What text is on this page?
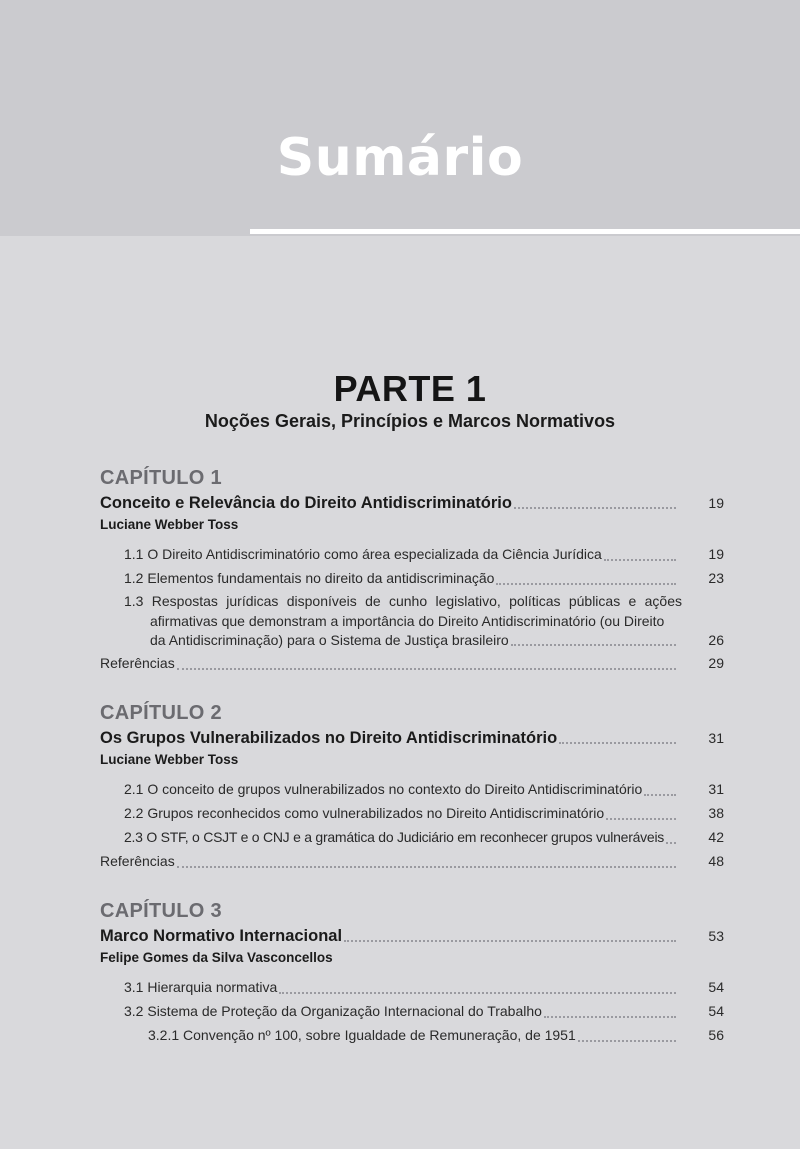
Sumário
PARTE 1
Noções Gerais, Princípios e Marcos Normativos
CAPÍTULO 1
Conceito e Relevância do Direito Antidiscriminatório	19
Luciane Webber Toss
1.1 O Direito Antidiscriminatório como área especializada da Ciência Jurídica	19
1.2 Elementos fundamentais no direito da antidiscriminação	23
1.3 Respostas jurídicas disponíveis de cunho legislativo, políticas públicas e ações afirmativas que demonstram a importância do Direito Antidiscriminatório (ou Direito
da Antidiscriminação) para o Sistema de Justiça brasileiro	26
Referências	29
CAPÍTULO 2
Os Grupos Vulnerabilizados no Direito Antidiscriminatório	31
Luciane Webber Toss
2.1 O conceito de grupos vulnerabilizados no contexto do Direito Antidiscriminatório	31
2.2 Grupos reconhecidos como vulnerabilizados no Direito Antidiscriminatório	38
2.3 O STF, o CSJT e o CNJ e a gramática do Judiciário em reconhecer grupos vulneráveis	42
Referências	48
CAPÍTULO 3
Marco Normativo Internacional	53
Felipe Gomes da Silva Vasconcellos
3.1 Hierarquia normativa	54
3.2 Sistema de Proteção da Organização Internacional do Trabalho	54
3.2.1 Convenção nº 100, sobre Igualdade de Remuneração, de 1951	56
